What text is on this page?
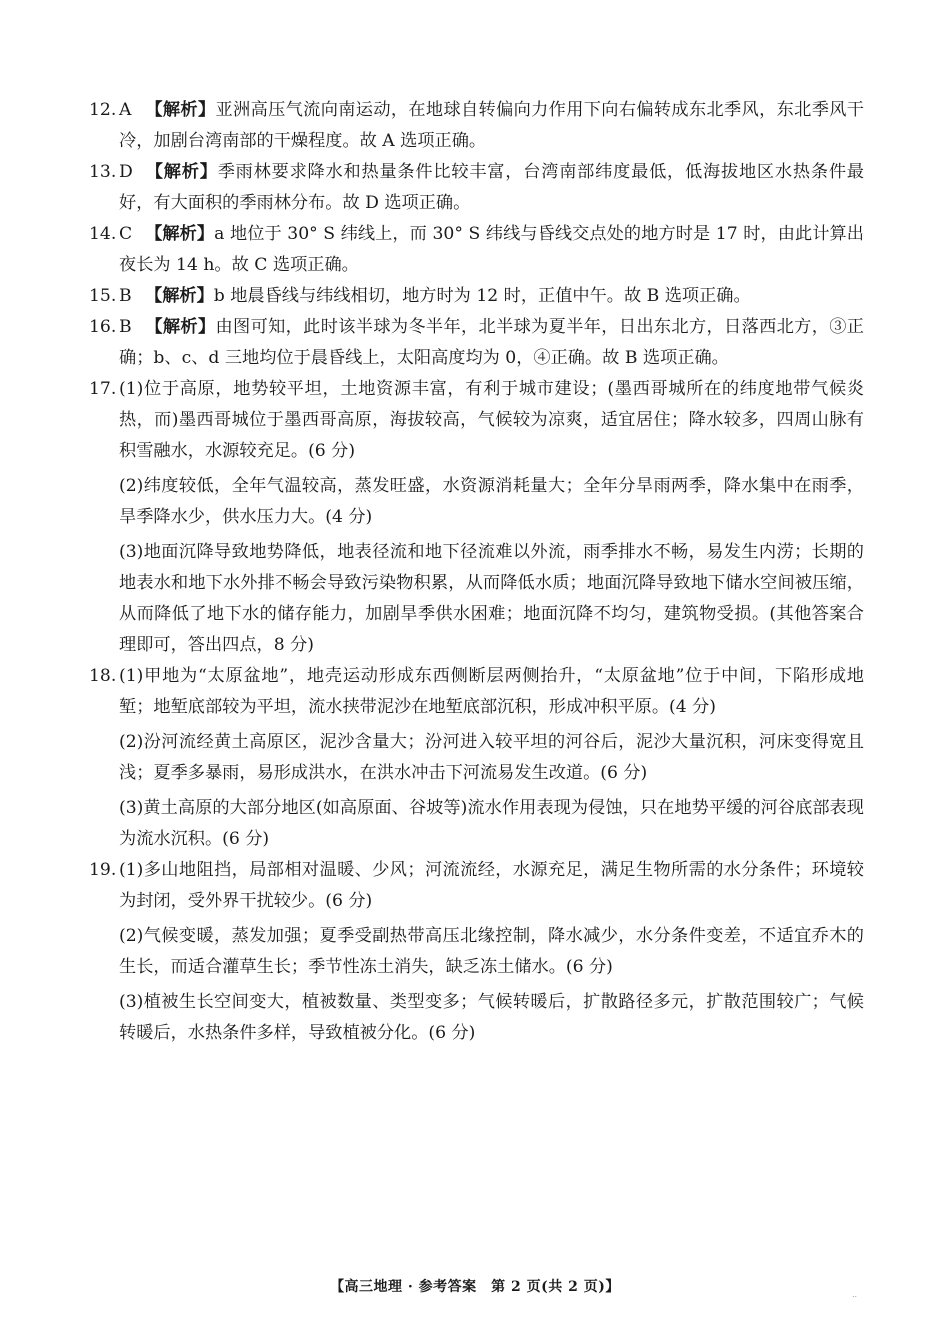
12. A 【解析】亚洲高压气流向南运动，在地球自转偏向力作用下向右偏转成东北季风，东北季风干冷，加剧台湾南部的干燥程度。故 A 选项正确。
13. D 【解析】季雨林要求降水和热量条件比较丰富，台湾南部纬度最低，低海拔地区水热条件最好，有大面积的季雨林分布。故 D 选项正确。
14. C 【解析】a 地位于 30° S 纬线上，而 30° S 纬线与昏线交点处的地方时是 17 时，由此计算出夜长为 14 h。故 C 选项正确。
15. B 【解析】b 地晨昏线与纬线相切，地方时为 12 时，正值中午。故 B 选项正确。
16. B 【解析】由图可知，此时该半球为冬半年，北半球为夏半年，日出东北方，日落西北方，③正确；b、c、d 三地均位于晨昏线上，太阳高度均为 0，④正确。故 B 选项正确。
17. (1)位于高原，地势较平坦，土地资源丰富，有利于城市建设；(墨西哥城所在的纬度地带气候炎热，而)墨西哥城位于墨西哥高原，海拔较高，气候较为凉爽，适宜居住；降水较多，四周山脉有积雪融水，水源较充足。(6 分)
(2)纬度较低，全年气温较高，蒸发旺盛，水资源消耗量大；全年分旱雨两季，降水集中在雨季，旱季降水少，供水压力大。(4 分)
(3)地面沉降导致地势降低，地表径流和地下径流难以外流，雨季排水不畅，易发生内涝；长期的地表水和地下水外排不畅会导致污染物积累，从而降低水质；地面沉降导致地下储水空间被压缩，从而降低了地下水的储存能力，加剧旱季供水困难；地面沉降不均匀，建筑物受损。(其他答案合理即可，答出四点，8 分)
18. (1)甲地为“太原盆地”，地壳运动形成东西侧断层两侧抬升，“太原盆地”位于中间，下陷形成地堑；地堑底部较为平坦，流水挟带泥沙在地堑底部沉积，形成冲积平原。(4 分)
(2)汾河流经黄土高原区，泥沙含量大；汾河进入较平坦的河谷后，泥沙大量沉积，河床变得宽且浅；夏季多暴雨，易形成洪水，在洪水冲击下河流易发生改道。(6 分)
(3)黄土高原的大部分地区(如高原面、谷坡等)流水作用表现为侵蚀，只在地势平缓的河谷底部表现为流水沉积。(6 分)
19. (1)多山地阻挡，局部相对温暖、少风；河流流经，水源充足，满足生物所需的水分条件；环境较为封闭，受外界干扰较少。(6 分)
(2)气候变暖，蒸发加强；夏季受副热带高压北缘控制，降水减少，水分条件变差，不适宜乔木的生长，而适合灌草生长；季节性冻土消失，缺乏冻土储水。(6 分)
(3)植被生长空间变大，植被数量、类型变多；气候转暖后，扩散路径多元，扩散范围较广；气候转暖后，水热条件多样，导致植被分化。(6 分)
【高三地理 · 参考答案　第 2 页(共 2 页)】	..
